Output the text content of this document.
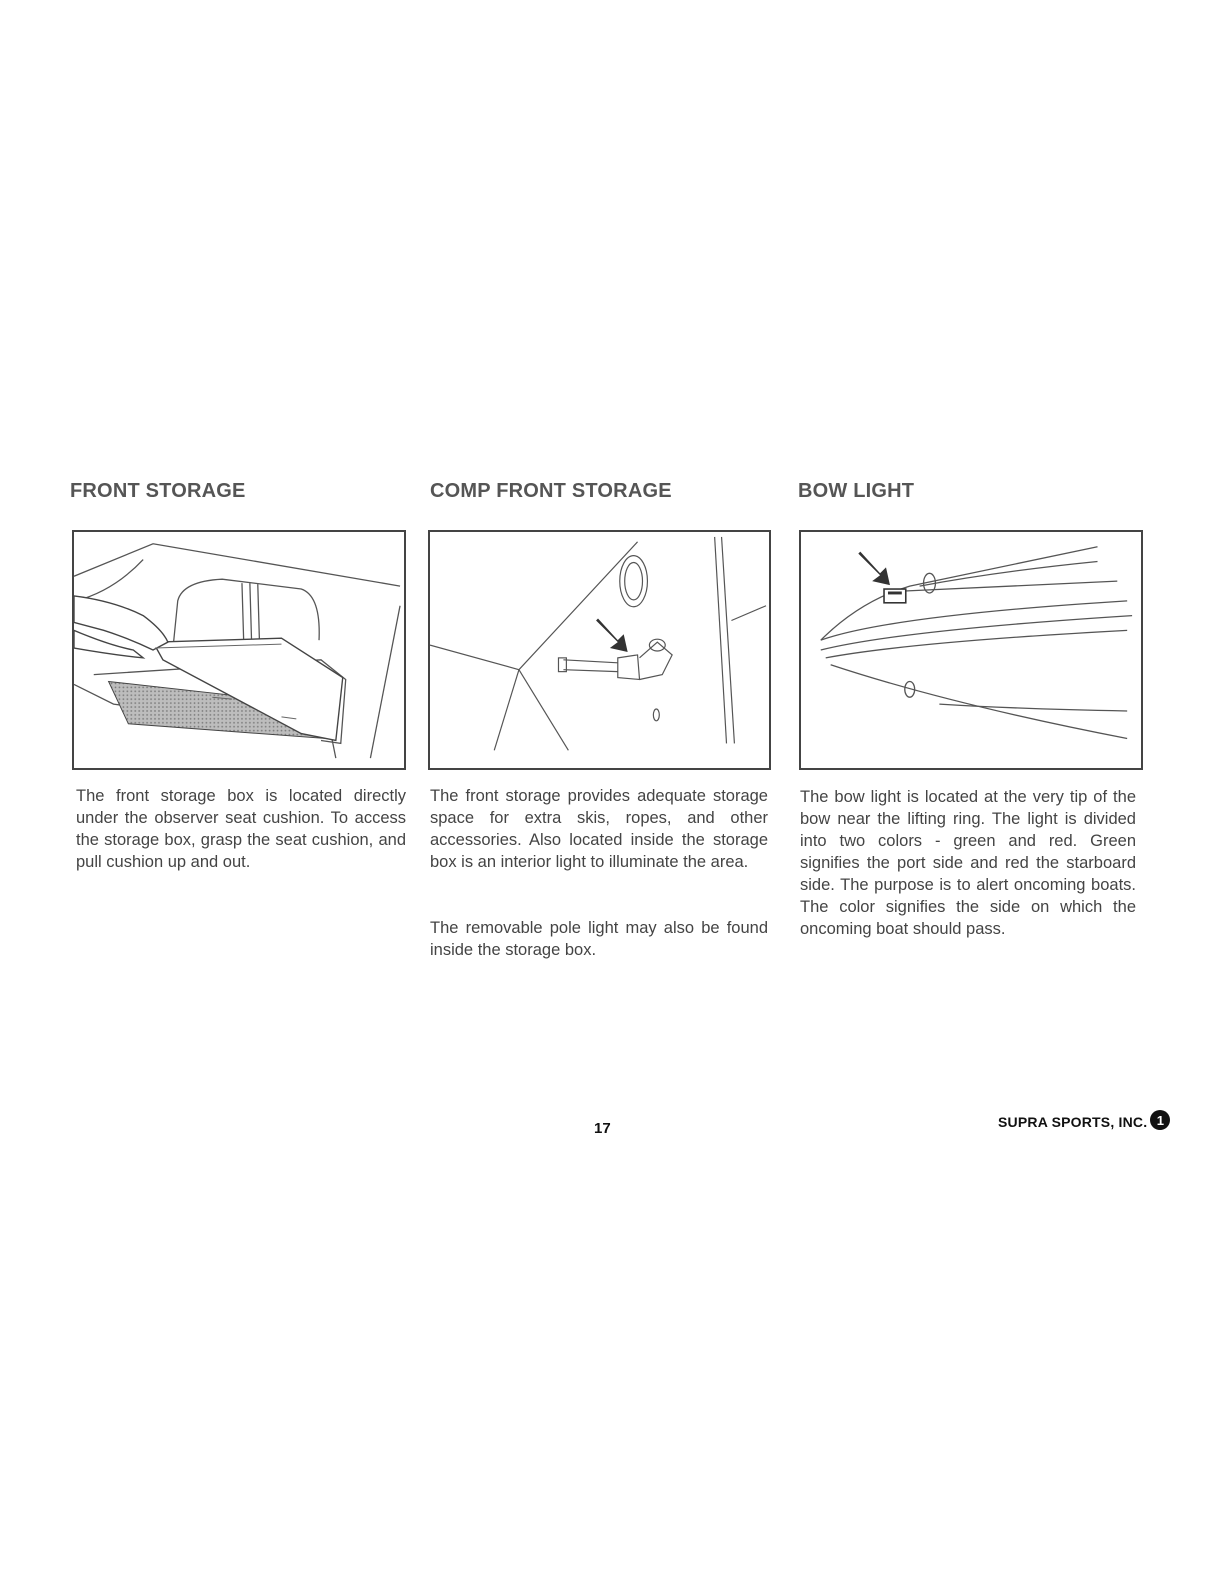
FRONT STORAGE

The front storage box is located directly under the observer seat cushion. To access the storage box, grasp the seat cushion, and pull cushion up and out.

COMP FRONT STORAGE

The front storage provides adequate storage space for extra skis, ropes, and other accessories. Also located inside the storage box is an interior light to illuminate the area.

The removable pole light may also be found inside the storage box.

BOW LIGHT

The bow light is located at the very tip of the bow near the lifting ring. The light is divided into two colors - green and red. Green signifies the port side and red the starboard side. The purpose is to alert oncoming boats. The color signifies the side on which the oncoming boat should pass.

17	SUPRA SPORTS, INC. 1
